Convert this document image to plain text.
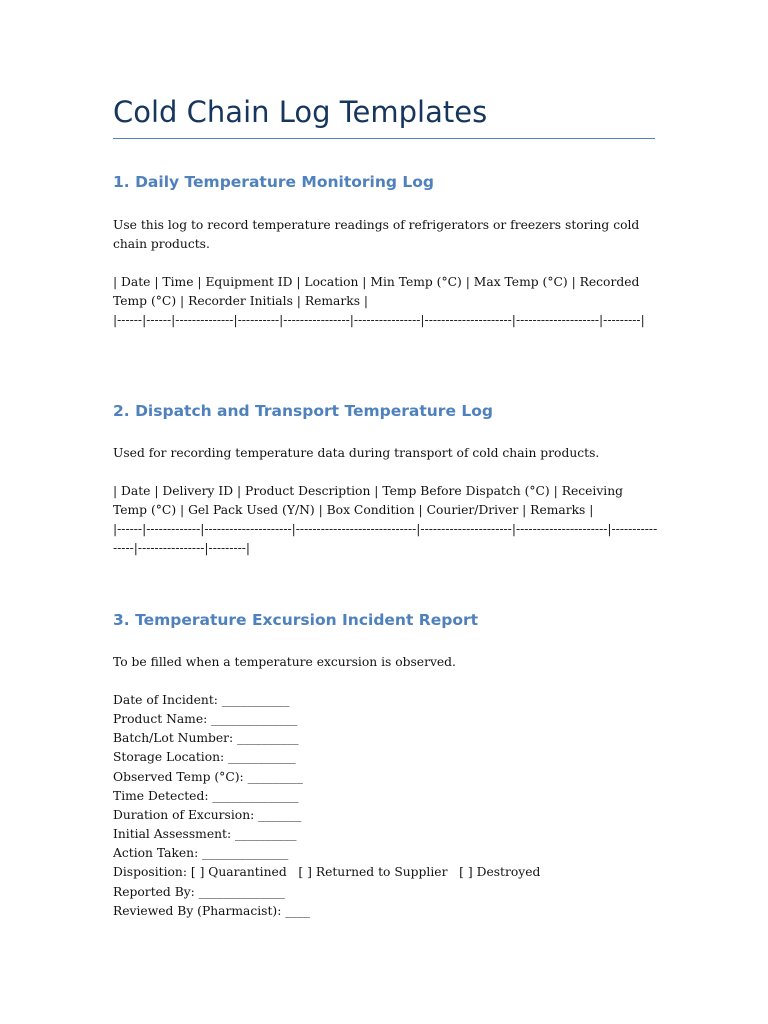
Cold Chain Log Templates
1. Daily Temperature Monitoring Log

Use this log to record temperature readings of refrigerators or freezers storing cold chain products.

| Date | Time | Equipment ID | Location | Min Temp (°C) | Max Temp (°C) | Recorded Temp (°C) | Recorder Initials | Remarks |

|------|------|--------------|----------|----------------|----------------|---------------------|--------------------|---------|

2. Dispatch and Transport Temperature Log

Used for recording temperature data during transport of cold chain products.

| Date | Delivery ID | Product Description | Temp Before Dispatch (°C) | Receiving Temp (°C) | Gel Pack Used (Y/N) | Box Condition | Courier/Driver | Remarks |

|------|-------------|---------------------|-----------------------------|----------------------|----------------------|----------------|----------------|---------|

3. Temperature Excursion Incident Report

To be filled when a temperature excursion is observed.

Date of Incident: ___________
Product Name: ______________
Batch/Lot Number: __________
Storage Location: ___________
Observed Temp (°C): _________
Time Detected: ______________
Duration of Excursion: _______
Initial Assessment: __________
Action Taken: ______________
Disposition: [ ] Quarantined   [ ] Returned to Supplier   [ ] Destroyed
Reported By: ______________
Reviewed By (Pharmacist): ____
